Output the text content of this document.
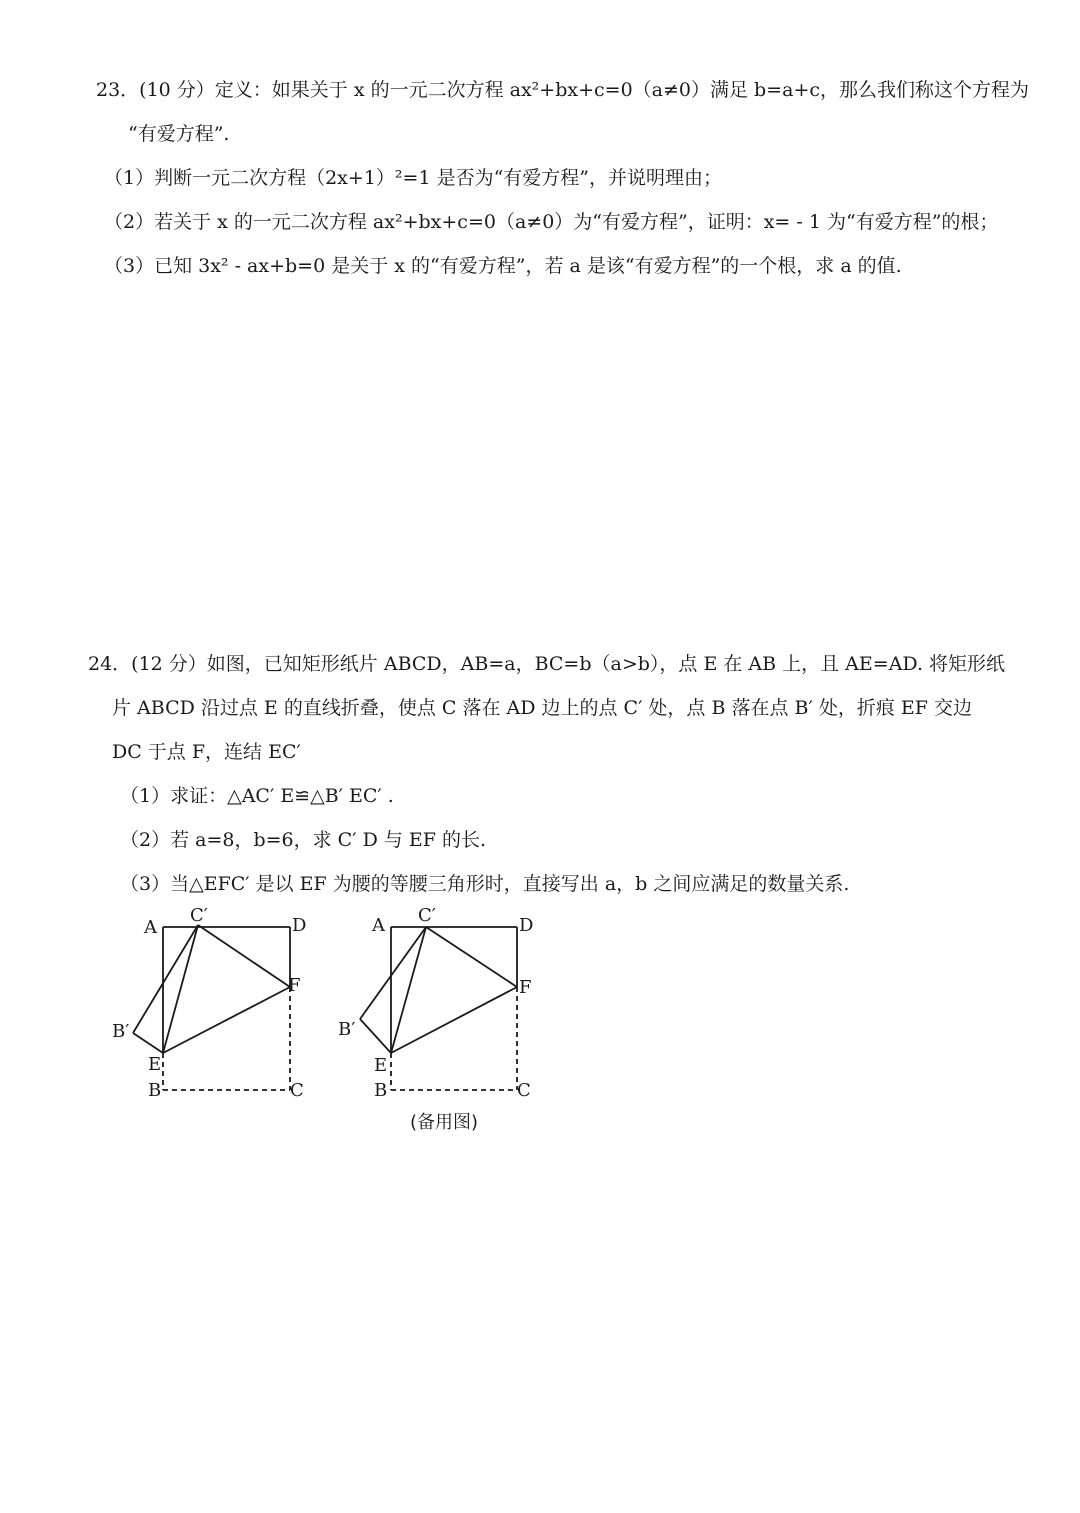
23．(10 分）定义：如果关于 x 的一元二次方程 ax²+bx+c=0（a≠0）满足 b=a+c，那么我们称这个方程为
“有爱方程”.
（1）判断一元二次方程（2x+1）²=1 是否为“有爱方程”，并说明理由；
（2）若关于 x 的一元二次方程 ax²+bx+c=0（a≠0）为“有爱方程”，证明：x= - 1 为“有爱方程”的根；
（3）已知 3x² - ax+b=0 是关于 x 的“有爱方程”，若 a 是该“有爱方程”的一个根，求 a 的值.
24．(12 分）如图，已知矩形纸片 ABCD，AB=a，BC=b（a>b），点 E 在 AB 上，且 AE=AD. 将矩形纸
片 ABCD 沿过点 E 的直线折叠，使点 C 落在 AD 边上的点 C′ 处，点 B 落在点 B′ 处，折痕 EF 交边
DC 于点 F，连结 EC′
（1）求证：△AC′ E≌△B′ EC′ .
（2）若 a=8，b=6，求 C′ D 与 EF 的长.
（3）当△EFC′ 是以 EF 为腰的等腰三角形时，直接写出 a，b 之间应满足的数量关系.
A
C′	D
F
B′
E
B	C
A C′	D
F
B′
E
B	C
(备用图)
